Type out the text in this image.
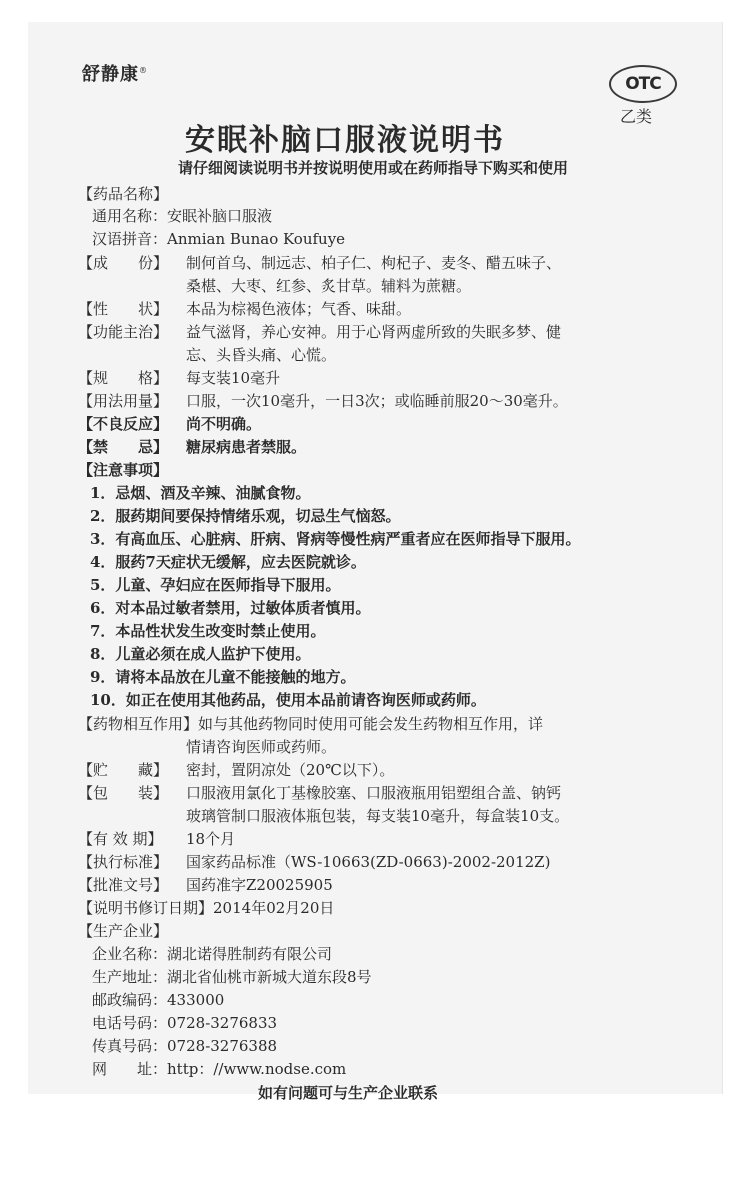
舒静康®
OTC
乙类
安眠补脑口服液说明书
请仔细阅读说明书并按说明使用或在药师指导下购买和使用
【药品名称】
通用名称：安眠补脑口服液
汉语拼音：Anmian Bunao Koufuye
【成　　份】 制何首乌、制远志、柏子仁、枸杞子、麦冬、醋五味子、
桑椹、大枣、红参、炙甘草。辅料为蔗糖。
【性　　状】 本品为棕褐色液体；气香、味甜。
【功能主治】 益气滋肾，养心安神。用于心肾两虚所致的失眠多梦、健
忘、头昏头痛、心慌。
【规　　格】 每支装10毫升
【用法用量】 口服，一次10毫升，一日3次；或临睡前服20～30毫升。
【不良反应】 尚不明确。
【禁　　忌】 糖尿病患者禁服。
【注意事项】
1．忌烟、酒及辛辣、油腻食物。
2．服药期间要保持情绪乐观，切忌生气恼怒。
3．有高血压、心脏病、肝病、肾病等慢性病严重者应在医师指导下服用。
4．服药7天症状无缓解，应去医院就诊。
5．儿童、孕妇应在医师指导下服用。
6．对本品过敏者禁用，过敏体质者慎用。
7．本品性状发生改变时禁止使用。
8．儿童必须在成人监护下使用。
9．请将本品放在儿童不能接触的地方。
10．如正在使用其他药品，使用本品前请咨询医师或药师。
【药物相互作用】如与其他药物同时使用可能会发生药物相互作用，详
情请咨询医师或药师。
【贮　　藏】 密封，置阴凉处（20℃以下）。
【包　　装】 口服液用氯化丁基橡胶塞、口服液瓶用铝塑组合盖、钠钙
玻璃管制口服液体瓶包装，每支装10毫升，每盒装10支。
【有 效 期】 18个月
【执行标准】 国家药品标准（WS-10663(ZD-0663)-2002-2012Z)
【批准文号】 国药准字Z20025905
【说明书修订日期】2014年02月20日
【生产企业】
企业名称：湖北诺得胜制药有限公司
生产地址：湖北省仙桃市新城大道东段8号
邮政编码：433000
电话号码：0728-3276833
传真号码：0728-3276388
网　　址：http：//www.nodse.com
如有问题可与生产企业联系
